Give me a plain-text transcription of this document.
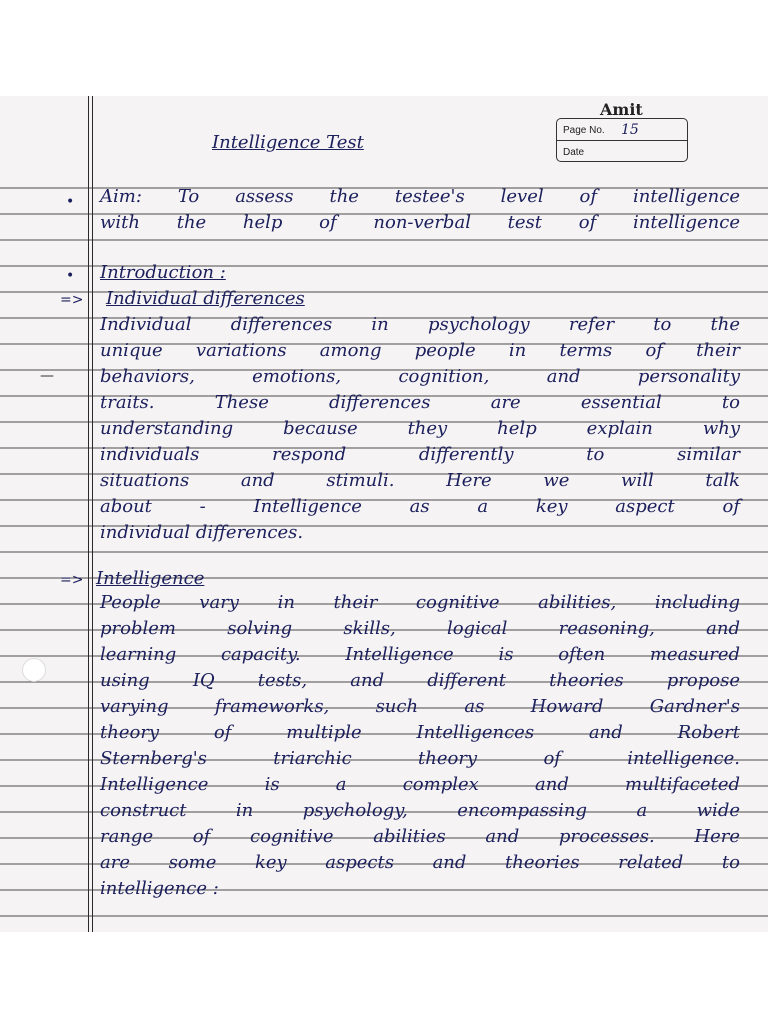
Amit
Page No. 15
Date
Intelligence Test
• Aim: To assess the testee's level of intelligence
with the help of non-verbal test of intelligence
• Introduction :
=> Individual differences
—
Individual differences in psychology refer to the
unique variations among people in terms of their
behaviors, emotions, cognition, and personality
traits. These differences are essential to
understanding because they help explain why
individuals respond differently to similar
situations and stimuli. Here we will talk
about - Intelligence as a key aspect of
individual differences.
=> Intelligence
People vary in their cognitive abilities, including
problem solving skills, logical reasoning, and
learning capacity. Intelligence is often measured
using IQ tests, and different theories propose
varying frameworks, such as Howard Gardner's
theory of multiple Intelligences and Robert
Sternberg's triarchic theory of intelligence.
Intelligence is a complex and multifaceted
construct in psychology, encompassing a wide
range of cognitive abilities and processes. Here
are some key aspects and theories related to
intelligence :
